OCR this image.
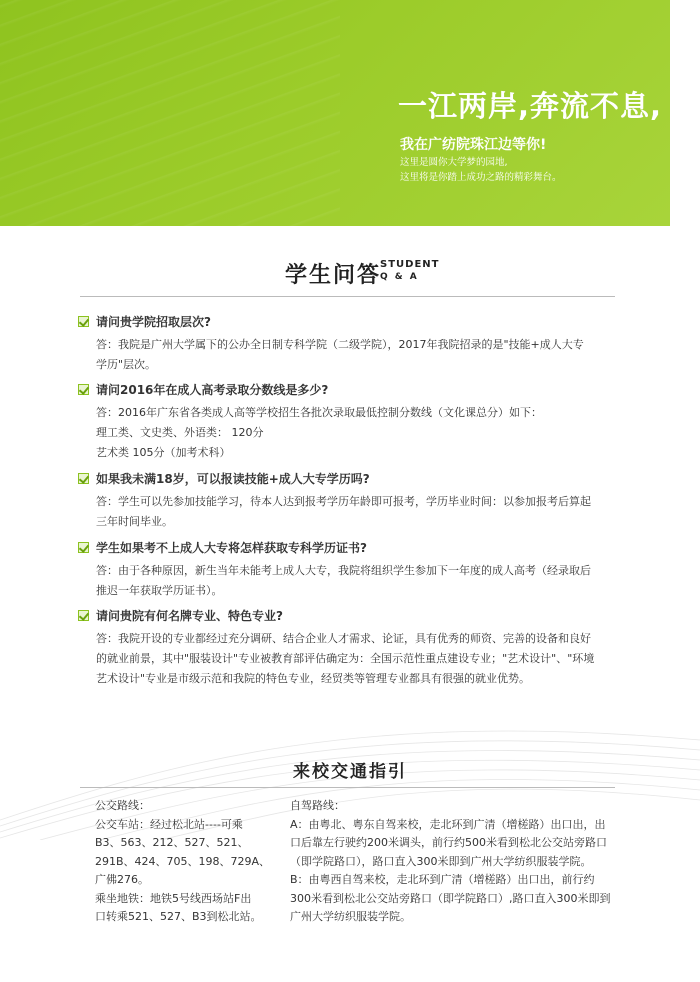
一江两岸,奔流不息,

我在广纺院珠江边等你!

这里是圆你大学梦的园地,

这里将是你踏上成功之路的精彩舞台。

学生问答
STUDENT
Q & A

请问贵学院招取层次?

答：我院是广州大学属下的公办全日制专科学院（二级学院），2017年我院招录的是"技能+成人大专
学历"层次。

请问2016年在成人高考录取分数线是多少?

答：2016年广东省各类成人高等学校招生各批次录取最低控制分数线（文化课总分）如下：
理工类、文史类、外语类： 120分
艺术类 105分（加考术科）

如果我未满18岁，可以报读技能+成人大专学历吗?

答：学生可以先参加技能学习，待本人达到报考学历年龄即可报考，学历毕业时间：以参加报考后算起
三年时间毕业。

学生如果考不上成人大专将怎样获取专科学历证书?

答：由于各种原因，新生当年未能考上成人大专，我院将组织学生参加下一年度的成人高考（经录取后
推迟一年获取学历证书）。

请问贵院有何名牌专业、特色专业?

答：我院开设的专业都经过充分调研、结合企业人才需求、论证，具有优秀的师资、完善的设备和良好
的就业前景，其中"服装设计"专业被教育部评估确定为：全国示范性重点建设专业；"艺术设计"、"环境
艺术设计"专业是市级示范和我院的特色专业，经贸类等管理专业都具有很强的就业优势。

来校交通指引
公交路线：
公交车站：经过松北站----可乘
B3、563、212、527、521、
291B、424、705、198、729A、
广佛276。
乘坐地铁：地铁5号线西场站F出
口转乘521、527、B3到松北站。
自驾路线：
A：由粤北、粤东自驾来校，走北环到广清（增槎路）出口出，出
口后靠左行驶约200米调头，前行约500米看到松北公交站旁路口
（即学院路口），路口直入300米即到广州大学纺织服装学院。
B：由粤西自驾来校，走北环到广清（增槎路）出口出，前行约
300米看到松北公交站旁路口（即学院路口）,路口直入300米即到
广州大学纺织服装学院。
